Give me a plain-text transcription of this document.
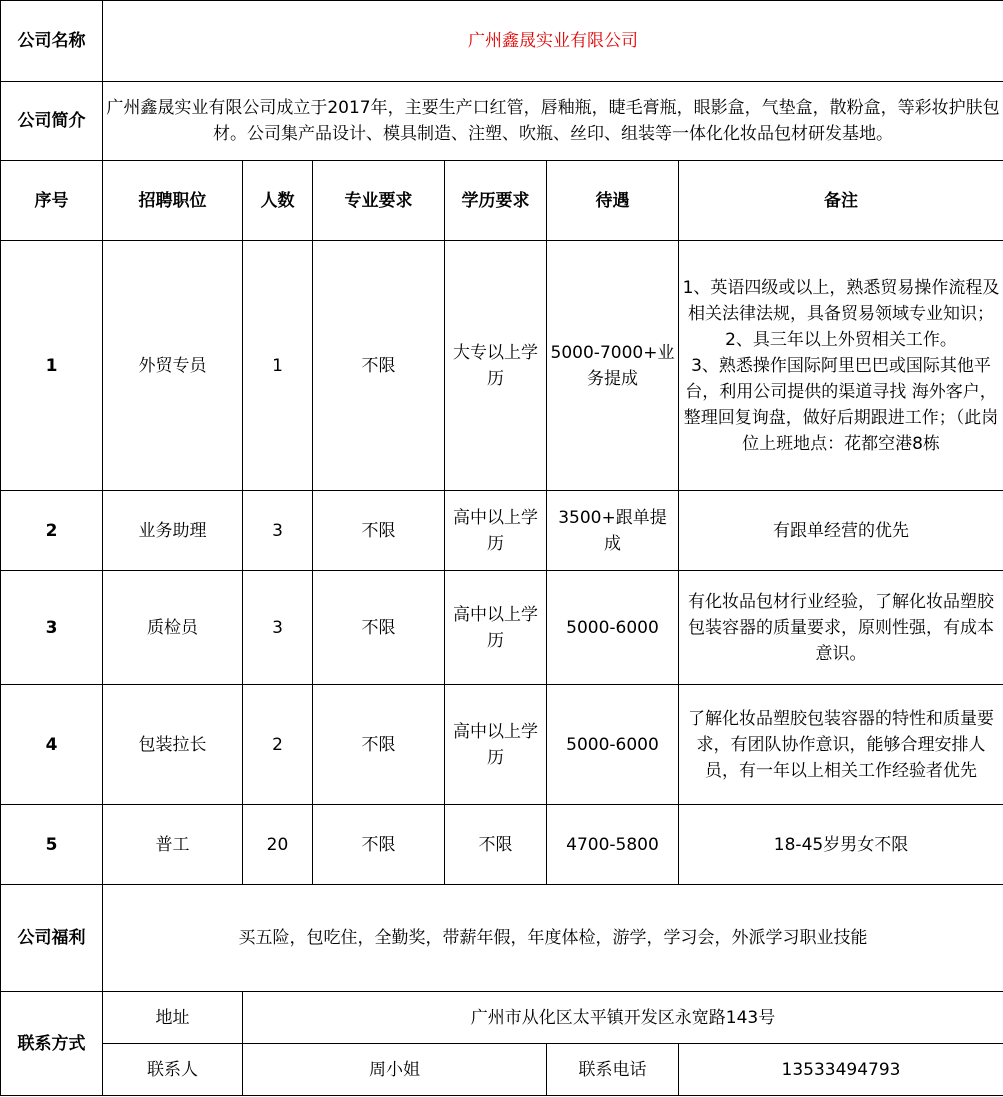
公司名称	广州鑫晟实业有限公司					
公司简介	广州鑫晟实业有限公司成立于2017年，主要生产口红管，唇釉瓶，睫毛膏瓶，眼影盒，气垫盒，散粉盒，等彩妆护肤包材。公司集产品设计、模具制造、注塑、吹瓶、丝印、组装等一体化化妆品包材研发基地。					
序号	招聘职位	人数	专业要求	学历要求	待遇	备注
1	外贸专员	1	不限	大专以上学历	5000-7000+业务提成	1、英语四级或以上，熟悉贸易操作流程及相关法律法规，具备贸易领域专业知识；
2、具三年以上外贸相关工作。
3、熟悉操作国际阿里巴巴或国际其他平台，利用公司提供的渠道寻找 海外客户，整理回复询盘，做好后期跟进工作；（此岗位上班地点：花都空港8栋
2	业务助理	3	不限	高中以上学历	3500+跟单提成	有跟单经营的优先
3	质检员	3	不限	高中以上学历	5000-6000	有化妆品包材行业经验，了解化妆品塑胶包装容器的质量要求，原则性强，有成本意识。
4	包装拉长	2	不限	高中以上学历	5000-6000	了解化妆品塑胶包装容器的特性和质量要求，有团队协作意识，能够合理安排人员，有一年以上相关工作经验者优先
5	普工	20	不限	不限	4700-5800	18-45岁男女不限
公司福利	买五险，包吃住，全勤奖，带薪年假，年度体检，游学，学习会，外派学习职业技能					
联系方式	地址	广州市从化区太平镇开发区永宽路143号				
	联系人	周小姐			联系电话	13533494793
